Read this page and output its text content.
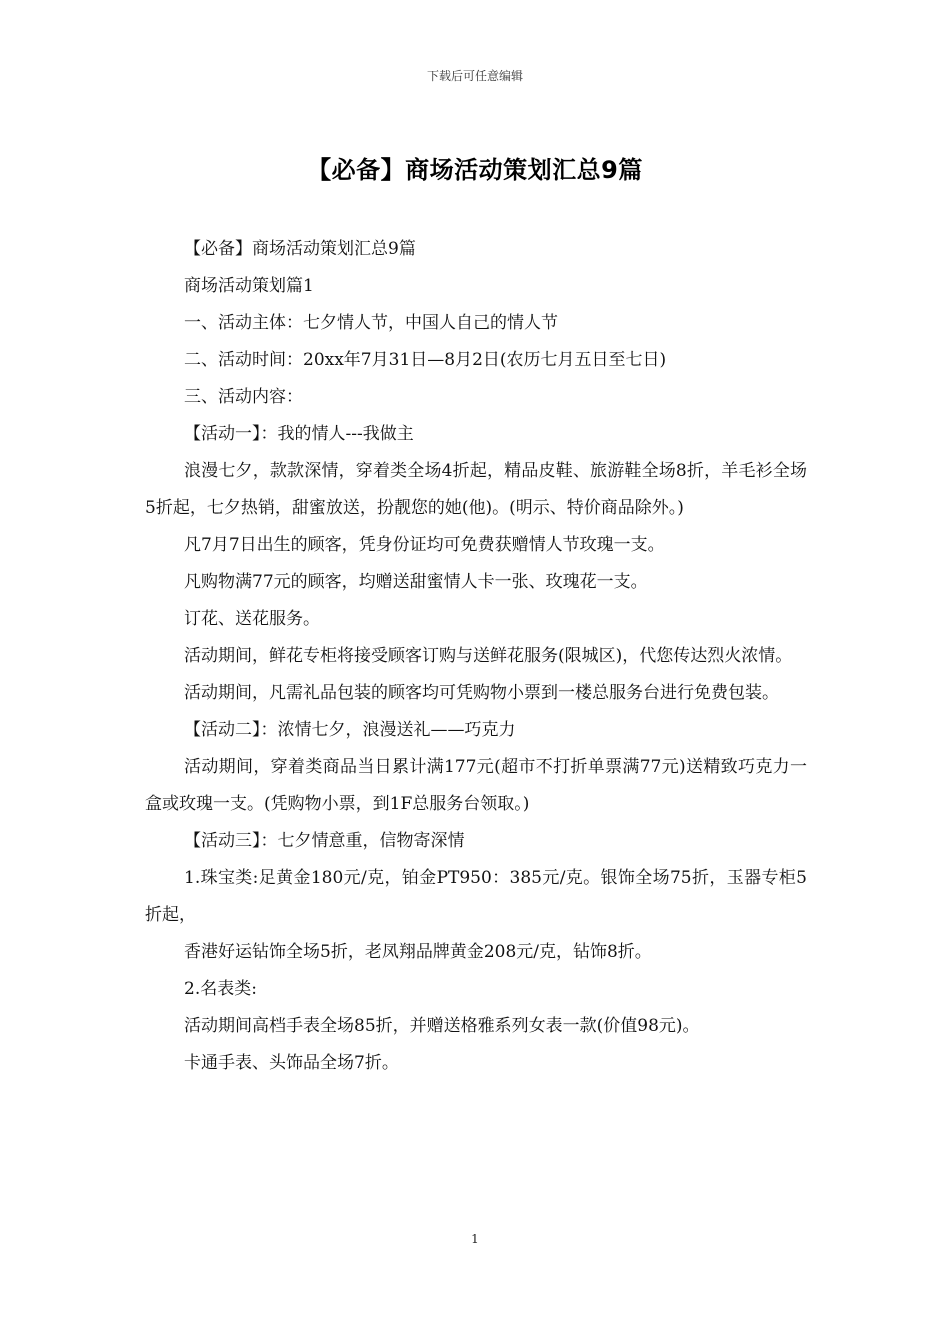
下载后可任意编辑
【必备】商场活动策划汇总9篇

【必备】商场活动策划汇总9篇

商场活动策划篇1

一、活动主体：七夕情人节，中国人自己的情人节

二、活动时间：20xx年7月31日—8月2日(农历七月五日至七日)

三、活动内容：

【活动一】：我的情人---我做主

浪漫七夕，款款深情，穿着类全场4折起，精品皮鞋、旅游鞋全场8折，羊毛衫全场5折起，七夕热销，甜蜜放送，扮靓您的她(他)。(明示、特价商品除外。)

凡7月7日出生的顾客，凭身份证均可免费获赠情人节玫瑰一支。

凡购物满77元的顾客，均赠送甜蜜情人卡一张、玫瑰花一支。

订花、送花服务。

活动期间，鲜花专柜将接受顾客订购与送鲜花服务(限城区)，代您传达烈火浓情。

活动期间，凡需礼品包装的顾客均可凭购物小票到一楼总服务台进行免费包装。

【活动二】：浓情七夕，浪漫送礼——巧克力

活动期间，穿着类商品当日累计满177元(超市不打折单票满77元)送精致巧克力一盒或玫瑰一支。(凭购物小票，到1F总服务台领取。)

【活动三】：七夕情意重，信物寄深情

1.珠宝类:足黄金180元/克，铂金PT950：385元/克。银饰全场75折，玉器专柜5折起，

香港好运钻饰全场5折，老凤翔品牌黄金208元/克，钻饰8折。

2.名表类:

活动期间高档手表全场85折，并赠送格雅系列女表一款(价值98元)。

卡通手表、头饰品全场7折。

1
